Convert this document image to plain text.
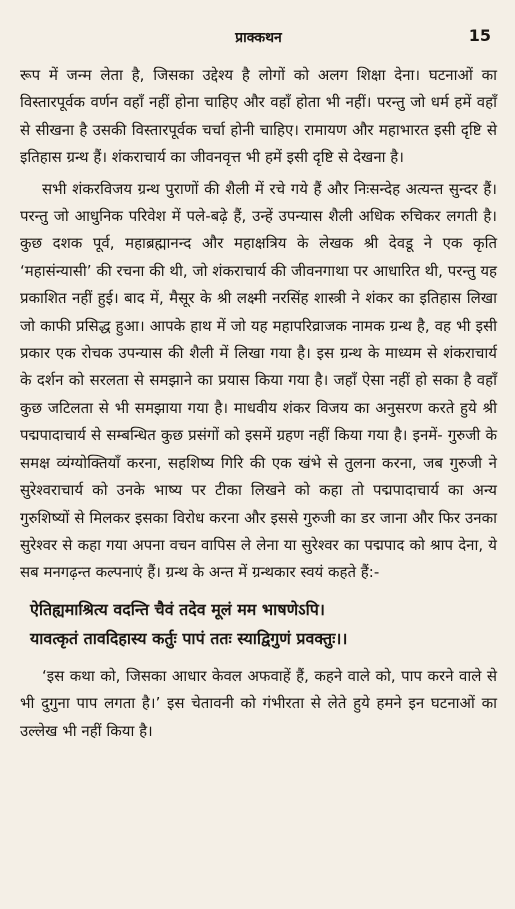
प्राक्कथन	15

रूप में जन्म लेता है, जिसका उद्देश्य है लोगों को अलग शिक्षा देना। घटनाओं का विस्तारपूर्वक वर्णन वहाँ नहीं होना चाहिए और वहाँ होता भी नहीं। परन्तु जो धर्म हमें वहाँ से सीखना है उसकी विस्तारपूर्वक चर्चा होनी चाहिए। रामायण और महाभारत इसी दृष्टि से इतिहास ग्रन्थ हैं। शंकराचार्य का जीवनवृत्त भी हमें इसी दृष्टि से देखना है।

सभी शंकरविजय ग्रन्थ पुराणों की शैली में रचे गये हैं और निःसन्देह अत्यन्त सुन्दर हैं। परन्तु जो आधुनिक परिवेश में पले-बढ़े हैं, उन्हें उपन्यास शैली अधिक रुचिकर लगती है। कुछ दशक पूर्व, महाब्रह्मानन्द और महाक्षत्रिय के लेखक श्री देवडू ने एक कृति ‘महासंन्यासी’ की रचना की थी, जो शंकराचार्य की जीवनगाथा पर आधारित थी, परन्तु यह प्रकाशित नहीं हुई। बाद में, मैसूर के श्री लक्ष्मी नरसिंह शास्त्री ने शंकर का इतिहास लिखा जो काफी प्रसिद्ध हुआ। आपके हाथ में जो यह महापरिव्राजक नामक ग्रन्थ है, वह भी इसी प्रकार एक रोचक उपन्यास की शैली में लिखा गया है। इस ग्रन्थ के माध्यम से शंकराचार्य के दर्शन को सरलता से समझाने का प्रयास किया गया है। जहाँ ऐसा नहीं हो सका है वहाँ कुछ जटिलता से भी समझाया गया है। माधवीय शंकर विजय का अनुसरण करते हुये श्री पद्मपादाचार्य से सम्बन्धित कुछ प्रसंगों को इसमें ग्रहण नहीं किया गया है। इनमें- गुरुजी के समक्ष व्यंग्योक्तियाँ करना, सहशिष्य गिरि की एक खंभे से तुलना करना, जब गुरुजी ने सुरेश्वराचार्य को उनके भाष्य पर टीका लिखने को कहा तो पद्मपादाचार्य का अन्य गुरुशिष्यों से मिलकर इसका विरोध करना और इससे गुरुजी का डर जाना और फिर उनका सुरेश्वर से कहा गया अपना वचन वापिस ले लेना या सुरेश्वर का पद्मपाद को श्राप देना, ये सब मनगढ़न्त कल्पनाएं हैं। ग्रन्थ के अन्त में ग्रन्थकार स्वयं कहते हैं:-

ऐतिह्यमाश्रित्य वदन्ति चैवं तदेव मूलं मम भाषणेऽपि।
यावत्कृतं तावदिहास्य कर्तुः पापं ततः स्याद्विगुणं प्रवक्तुः।।

‘इस कथा को, जिसका आधार केवल अफवाहें हैं, कहने वाले को, पाप करने वाले से भी दुगुना पाप लगता है।’ इस चेतावनी को गंभीरता से लेते हुये हमने इन घटनाओं का उल्लेख भी नहीं किया है।
